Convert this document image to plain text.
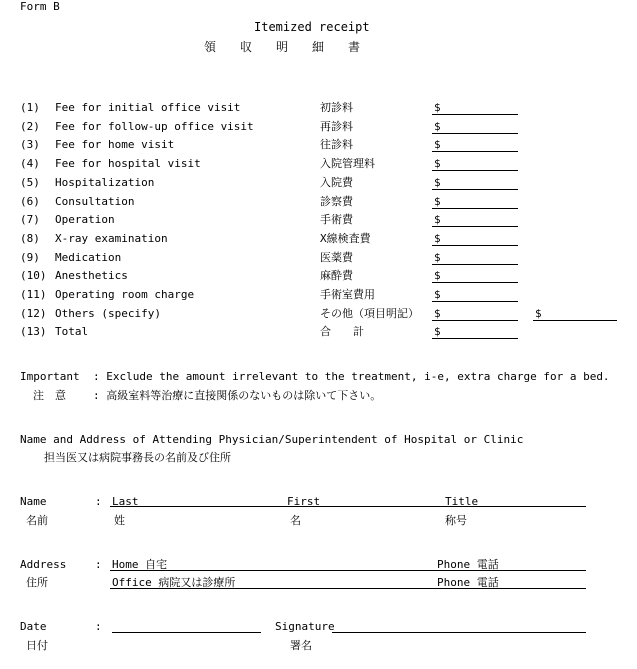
Form B
Itemized receipt
領　　収　　明　　細　　書
(1) Fee for initial office visit	初診料	$
(2) Fee for follow-up office visit	再診料	$
(3) Fee for home visit	往診料	$
(4) Fee for hospital visit	入院管理料	$
(5) Hospitalization	入院費	$
(6) Consultation	診察費	$
(7) Operation	手術費	$
(8) X-ray examination	X線検査費	$
(9) Medication	医薬費	$
(10) Anesthetics	麻酔費	$
(11) Operating room charge	手術室費用	$
(12) Others (specify)	その他（項目明記） $	$
(13) Total	合　　計	$
Important : Exclude the amount irrelevant to the treatment, i-e, extra charge for a bed.
注　意 : 高級室料等治療に直接関係のないものは除いて下さい。
Name and Address of Attending Physician/Superintendent of Hospital or Clinic
担当医又は病院事務長の名前及び住所
Name	: Last	First	Title
名前	姓	名	称号
Address	: Home 自宅	Phone 電話
住所	Office 病院又は診療所	Phone 電話
Date	:	Signature
日付	署名
